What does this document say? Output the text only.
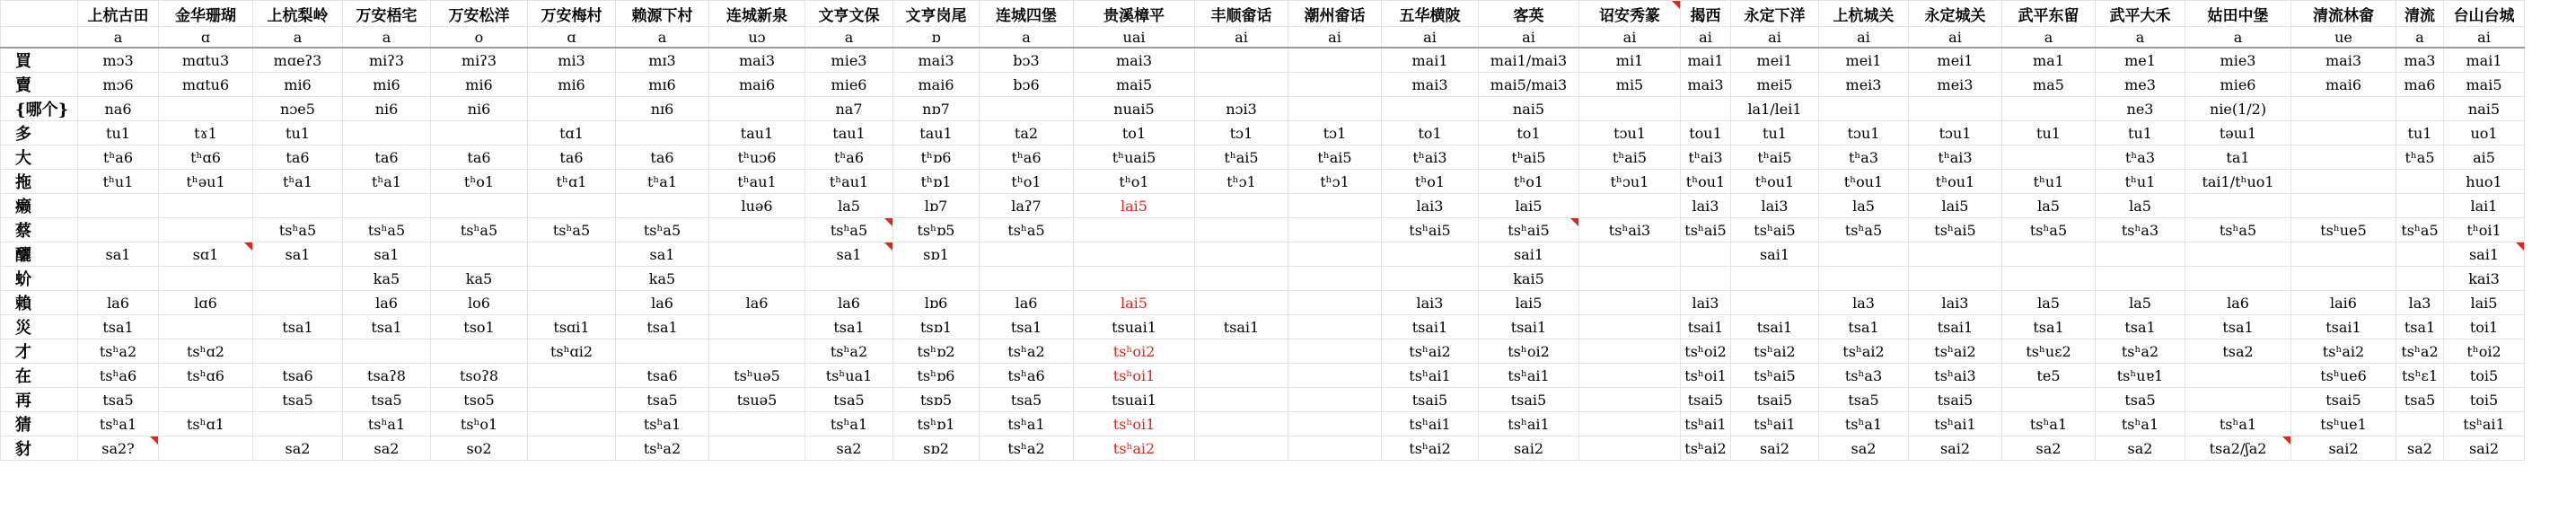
	上杭古田	金华珊瑚	上杭梨岭	万安梧宅	万安松洋	万安梅村	赖源下村	连城新泉	文亨文保	文亨岗尾	连城四堡	贵溪樟平	丰顺畲话	潮州畲话	五华横陂	客英	诏安秀篆	揭西	永定下洋	上杭城关	永定城关	武平东留	武平大禾	姑田中堡	清流林畲	清流	台山台城
	a	ɑ	a	a	o	ɑ	a	uɔ	a	ɒ	a	uai	ai	ai	ai	ai	ai	ai	ai	ai	ai	a	a	a	ue	a	ai
買	mɔ3	mɑtu3	mɑeʔ3	miʔ3	miʔ3	mi3	mɪ3	mai3	mie3	mai3	bɔ3	mai3			mai1	mai1/mai3	mi1	mai1	mei1	mei1	mei1	ma1	me1	mie3	mai3	ma3	mai1
賣	mɔ6	mɑtu6	mi6	mi6	mi6	mi6	mɪ6	mai6	mie6	mai6	bɔ6	mai5			mai3	mai5/mai3	mi5	mai3	mei5	mei3	mei3	ma5	me3	mie6	mai6	ma6	mai5
{哪个}	na6		nɔe5	ni6	ni6		nɪ6		na7	nɒ7		nuai5	nɔi3			nai5			la1/lei1				ne3	nie(1/2)			nai5
多	tu1	tɤ1	tu1			tɑ1		tau1	tau1	tau1	ta2	to1	tɔ1	tɔ1	to1	to1	tɔu1	tou1	tu1	tɔu1	tɔu1	tu1	tu1	təɯ1		tu1	uo1
大	tʰa6	tʰɑ6	ta6	ta6	ta6	ta6	ta6	tʰuɔ6	tʰa6	tʰɒ6	tʰa6	tʰuai5	tʰai5	tʰai5	tʰai3	tʰai5	tʰai5	tʰai3	tʰai5	tʰa3	tʰai3		tʰa3	ta1		tʰa5	ai5
拖	tʰu1	tʰəu1	tʰa1	tʰa1	tʰo1	tʰɑ1	tʰa1	tʰau1	tʰau1	tʰɒ1	tʰo1	tʰo1	tʰɔ1	tʰɔ1	tʰo1	tʰo1	tʰɔu1	tʰou1	tʰou1	tʰou1	tʰou1	tʰu1	tʰu1	tai1/tʰuo1			huo1
癞								luə6	la5	lɒ7	laʔ7	lai5			lai3	lai5		lai3	lai3	la5	lai5	la5	la5				lai1
蔡			tsʰa5	tsʰa5	tsʰa5	tsʰa5	tsʰa5		tsʰa5	tsʰɒ5	tsʰa5				tsʰai5	tsʰai5	tsʰai3	tsʰai5	tsʰai5	tsʰa5	tsʰai5	tsʰa5	tsʰa3	tsʰa5	tsʰue5	tsʰa5	tʰoi1
釃	sa1	sɑ1	sa1	sa1			sa1		sa1	sɒ1						sai1			sai1								sai1
蚧				ka5	ka5		ka5									kai5											kai3
賴	la6	lɑ6		la6	lo6		la6	la6	la6	lɒ6	la6	lai5			lai3	lai5		lai3		la3	lai3	la5	la5	la6	lai6	la3	lai5
災	tsa1		tsa1	tsa1	tso1	tsɑi1	tsa1		tsa1	tsɒ1	tsa1	tsuai1	tsai1		tsai1	tsai1		tsai1	tsai1	tsa1	tsai1	tsa1	tsa1	tsa1	tsai1	tsa1	toi1
才	tsʰa2	tsʰɑ2				tsʰɑi2			tsʰa2	tsʰɒ2	tsʰa2	tsʰoi2			tsʰai2	tsʰoi2		tsʰoi2	tsʰai2	tsʰai2	tsʰai2	tsʰuɛ2	tsʰa2	tsa2	tsʰai2	tsʰa2	tʰoi2
在	tsʰa6	tsʰɑ6	tsa6	tsaʔ8	tsoʔ8		tsa6	tsʰuə5	tsʰua1	tsʰɒ6	tsʰa6	tsʰoi1			tsʰai1	tsʰai1		tsʰoi1	tsʰai5	tsʰa3	tsʰai3	te5	tsʰuɐ1		tsʰue6	tsʰɛ1	toi5
再	tsa5		tsa5	tsa5	tso5		tsa5	tsuə5	tsa5	tsɒ5	tsa5	tsuai1			tsai5	tsai5		tsai5	tsai5	tsa5	tsai5		tsa5		tsai5	tsa5	toi5
猜	tsʰa1	tsʰɑ1		tsʰa1	tsʰo1		tsʰa1		tsʰa1	tsʰɒ1	tsʰa1	tsʰoi1			tsʰai1	tsʰai1		tsʰai1	tsʰai1	tsʰa1	tsʰai1	tsʰa1	tsʰa1	tsʰa1	tsʰue1		tsʰai1
豺	sa2?		sa2	sa2	so2		tsʰa2		sa2	sɒ2	tsʰa2	tsʰai2			tsʰai2	sai2		tsʰai2	sai2	sa2	sai2	sa2	sa2	tsa2/ʃa2	sai2	sa2	sai2
